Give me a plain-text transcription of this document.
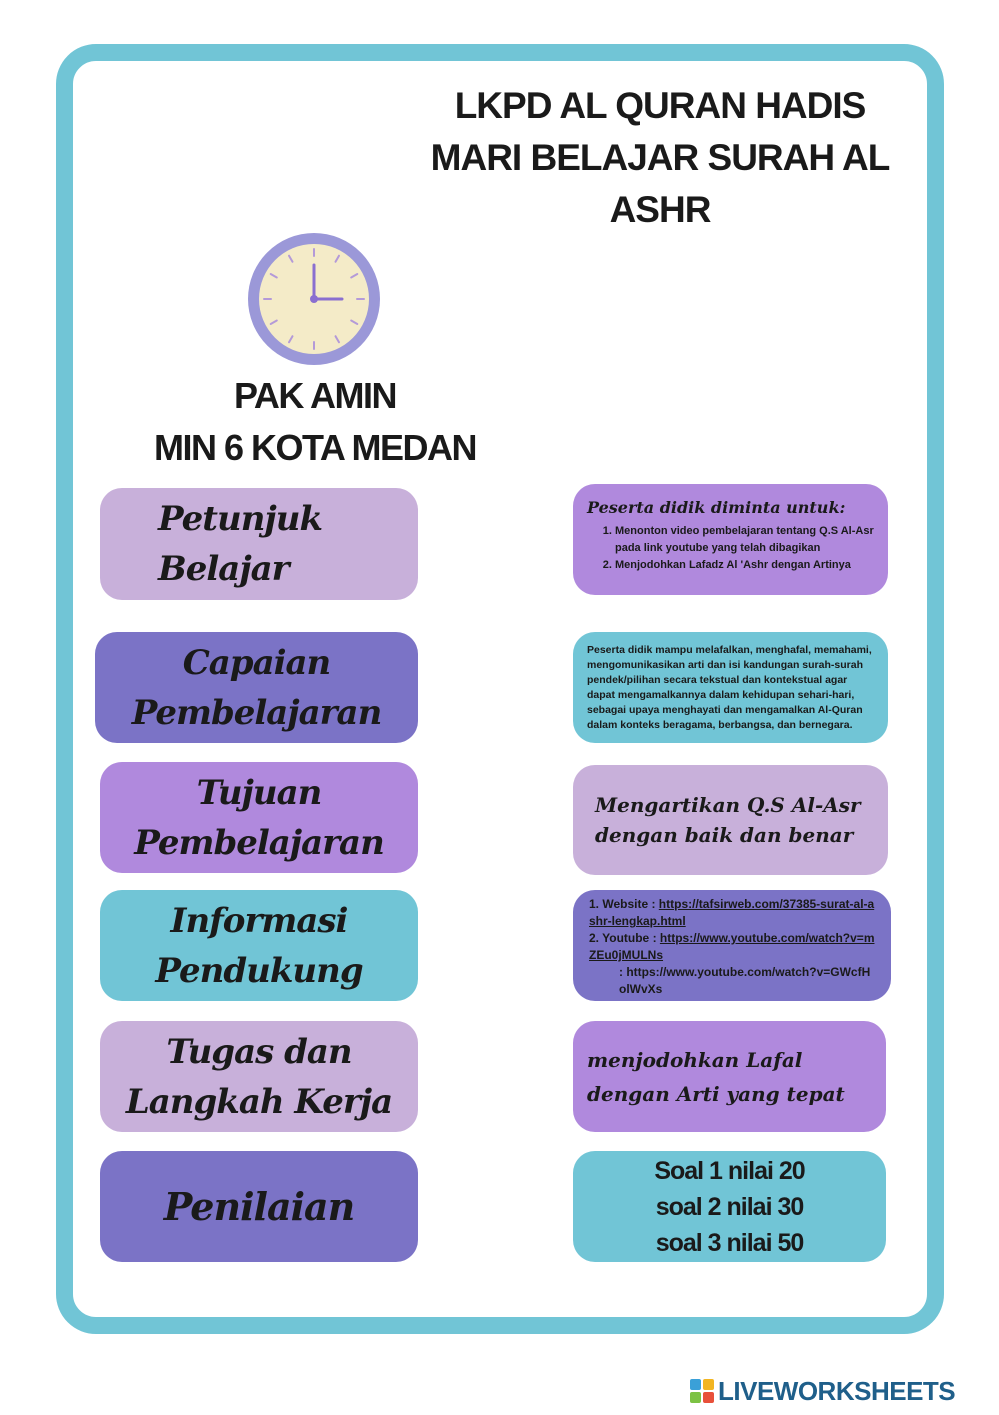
LKPD AL QURAN HADIS
MARI BELAJAR SURAH AL
ASHR
PAK AMIN
MIN 6 KOTA MEDAN
Petunjuk
Belajar
Peserta didik diminta untuk:
1. Menonton video pembelajaran tentang Q.S Al-Asr pada link youtube yang telah dibagikan
2. Menjodohkan Lafadz Al 'Ashr dengan Artinya
Capaian
Pembelajaran
Peserta didik mampu melafalkan, menghafal, memahami, mengomunikasikan arti dan isi kandungan surah-surah pendek/pilihan secara tekstual dan kontekstual agar dapat mengamalkannya dalam kehidupan sehari-hari, sebagai upaya menghayati dan mengamalkan Al-Quran dalam konteks beragama, berbangsa, dan bernegara.
Tujuan
Pembelajaran
Mengartikan Q.S Al-Asr
dengan baik dan benar
Informasi
Pendukung
1. Website : https://tafsirweb.com/37385-surat-al-ashr-lengkap.html
2. Youtube : https://www.youtube.com/watch?v=mZEu0jMULNs
: https://www.youtube.com/watch?v=GWcfHolWvXs
Tugas dan
Langkah Kerja
menjodohkan Lafal
dengan Arti yang tepat
Penilaian
Soal 1 nilai 20
soal 2 nilai 30
soal 3 nilai 50
LIVEWORKSHEETS
